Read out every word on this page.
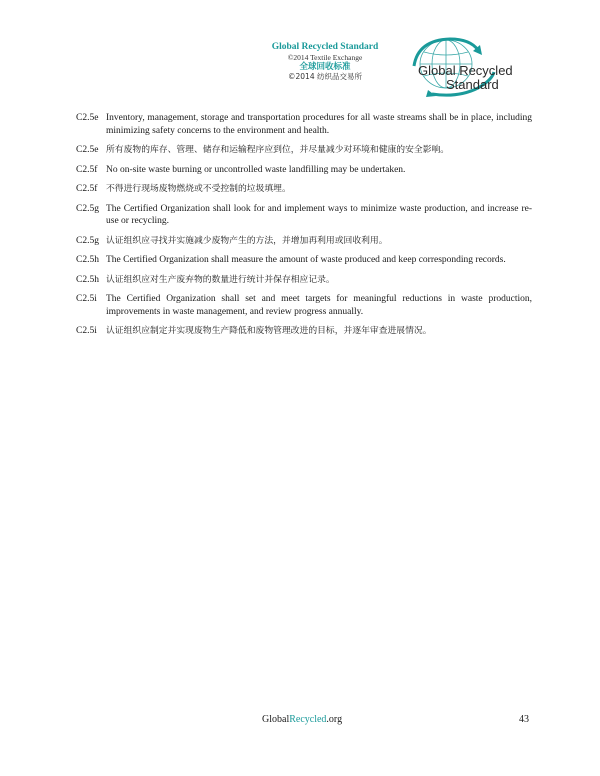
Global Recycled Standard
©2014 Textile Exchange
全球回收标准
©2014 纺织品交易所	Global Recycled
Standard
C2.5e Inventory, management, storage and transportation procedures for all waste streams shall be in place, including minimizing safety concerns to the environment and health.
C2.5e 所有废物的库存、管理、储存和运输程序应到位，并尽量减少对环境和健康的安全影响。
C2.5f No on-site waste burning or uncontrolled waste landfilling may be undertaken.
C2.5f 不得进行现场废物燃烧或不受控制的垃圾填埋。
C2.5g The Certified Organization shall look for and implement ways to minimize waste production, and increase re-use or recycling.
C2.5g 认证组织应寻找并实施减少废物产生的方法，并增加再利用或回收利用。
C2.5h The Certified Organization shall measure the amount of waste produced and keep corresponding records.
C2.5h 认证组织应对生产废弃物的数量进行统计并保存相应记录。
C2.5i The Certified Organization shall set and meet targets for meaningful reductions in waste production, improvements in waste management, and review progress annually.
C2.5i	认证组织应制定并实现废物生产降低和废物管理改进的目标，并逐年审查进展情况。
GlobalRecycled.org	43
